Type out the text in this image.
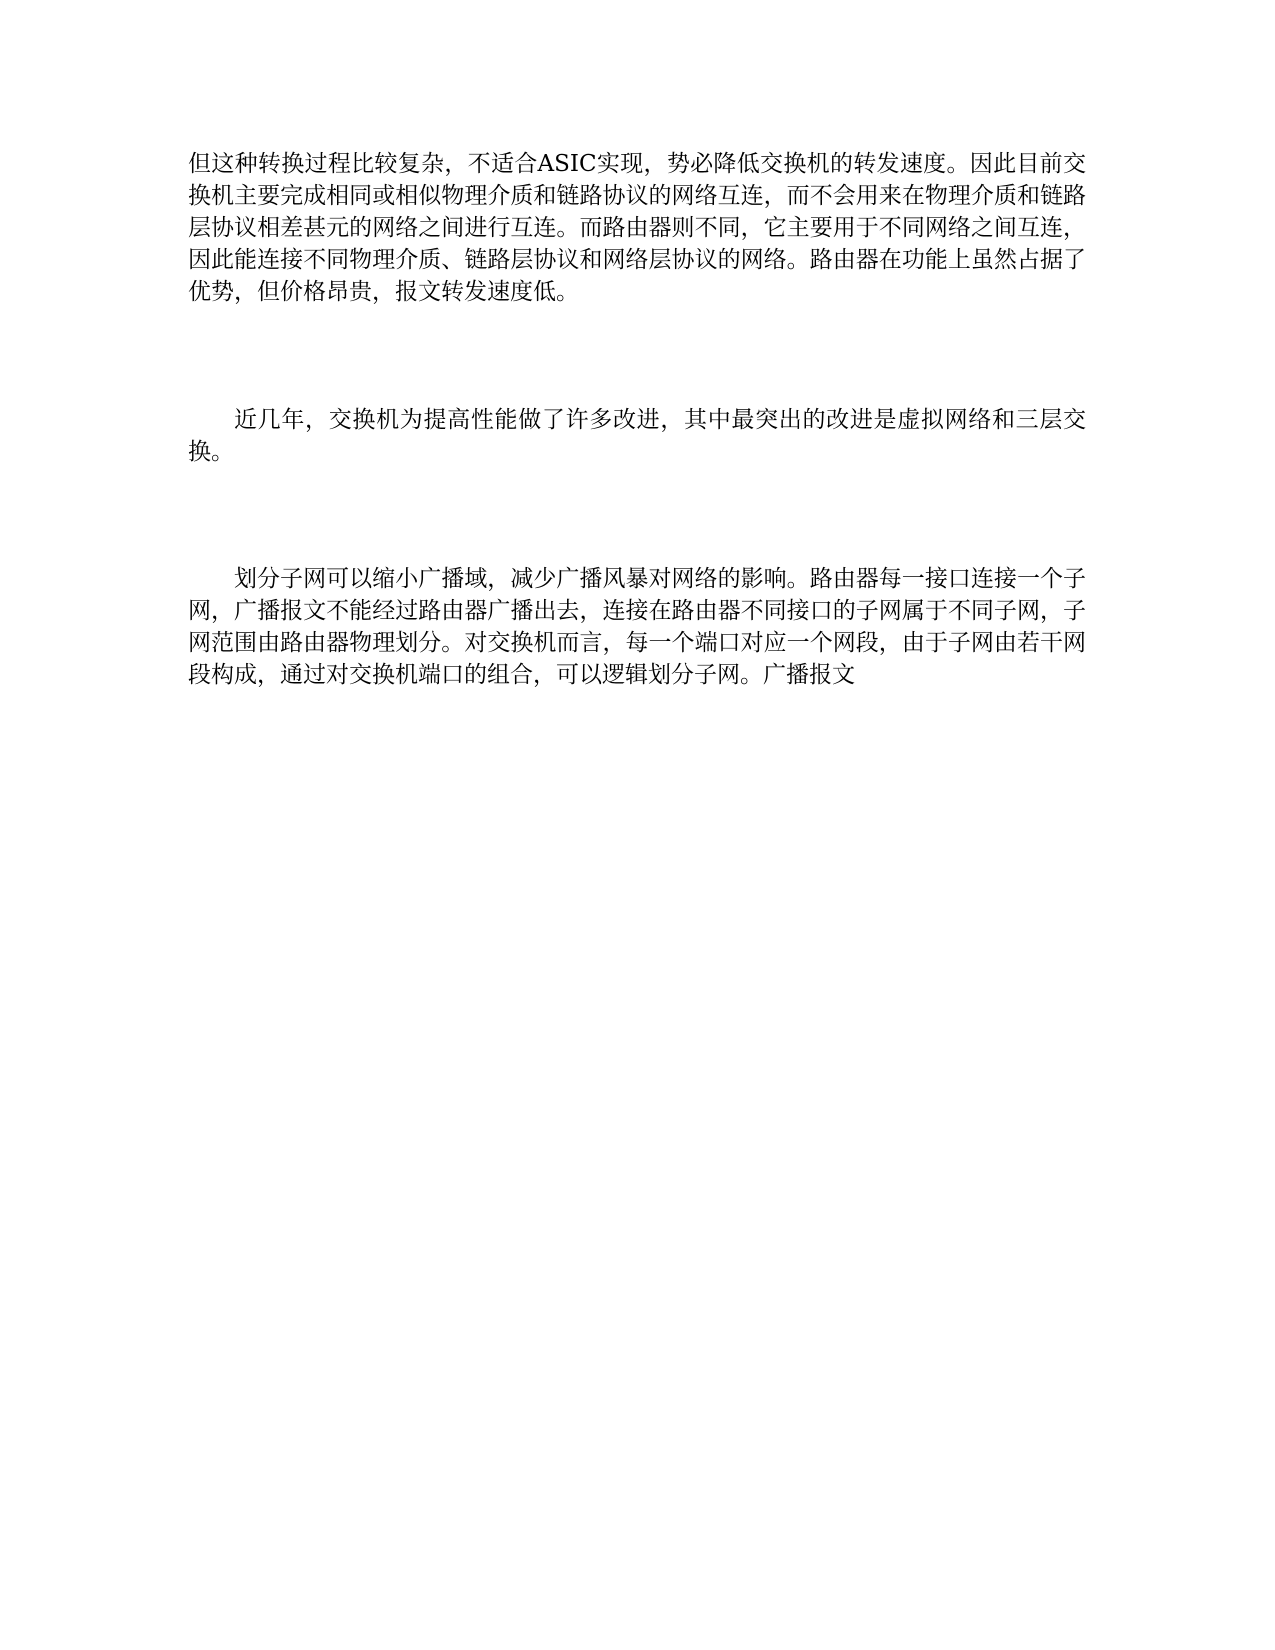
但这种转换过程比较复杂，不适合ASIC实现，势必降低交换机的转发速度。因此目前交换机主要完成相同或相似物理介质和链路协议的网络互连，而不会用来在物理介质和链路层协议相差甚元的网络之间进行互连。而路由器则不同，它主要用于不同网络之间互连，因此能连接不同物理介质、链路层协议和网络层协议的网络。路由器在功能上虽然占据了优势，但价格昂贵，报文转发速度低。

近几年，交换机为提高性能做了许多改进，其中最突出的改进是虚拟网络和三层交换。

划分子网可以缩小广播域，减少广播风暴对网络的影响。路由器每一接口连接一个子网，广播报文不能经过路由器广播出去，连接在路由器不同接口的子网属于不同子网，子网范围由路由器物理划分。对交换机而言，每一个端口对应一个网段，由于子网由若干网段构成，通过对交换机端口的组合，可以逻辑划分子网。广播报文
